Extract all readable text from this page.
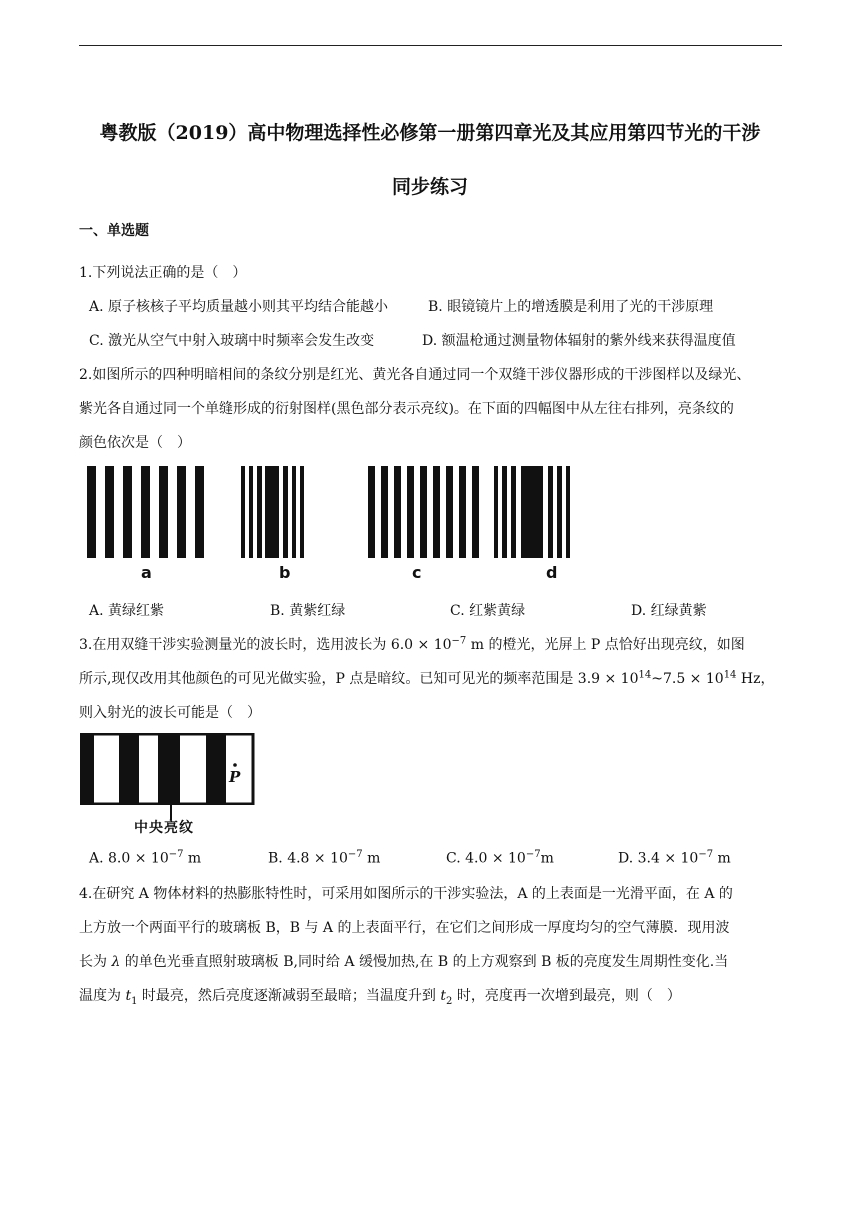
粤教版（2019）高中物理选择性必修第一册第四章光及其应用第四节光的干涉
同步练习
一、单选题
1.下列说法正确的是（　）
A. 原子核核子平均质量越小则其平均结合能越小	B. 眼镜镜片上的增透膜是利用了光的干涉原理
C. 激光从空气中射入玻璃中时频率会发生改变	D. 额温枪通过测量物体辐射的紫外线来获得温度值
2.如图所示的四种明暗相间的条纹分别是红光、黄光各自通过同一个双缝干涉仪器形成的干涉图样以及绿光、
紫光各自通过同一个单缝形成的衍射图样(黑色部分表示亮纹)。在下面的四幅图中从左往右排列，亮条纹的
颜色依次是（　）
a	b	c	d
A. 黄绿红紫	B. 黄紫红绿	C. 红紫黄绿	D. 红绿黄紫
3.在用双缝干涉实验测量光的波长时，选用波长为 $6.0 \times 10^{-7}$ m 的橙光，光屏上 P 点恰好出现亮纹，如图
所示,现仅改用其他颜色的可见光做实验，P 点是暗纹。已知可见光的频率范围是 $3.9 \times 10^{14}\sim 7.5 \times 10^{14}$ Hz，
则入射光的波长可能是（　）
P
中央亮纹
A. $8.0 \times 10^{-7}$ m	B. $4.8 \times 10^{-7}$ m	C. $4.0 \times 10^{-7}m$	D. $3.4 \times 10^{-7}$ m
4.在研究 A 物体材料的热膨胀特性时，可采用如图所示的干涉实验法，A 的上表面是一光滑平面，在 A 的
上方放一个两面平行的玻璃板 B，B 与 A 的上表面平行，在它们之间形成一厚度均匀的空气薄膜．现用波
长为 λ 的单色光垂直照射玻璃板 B,同时给 A 缓慢加热,在 B 的上方观察到 B 板的亮度发生周期性变化.当
温度为 $t_1$ 时最亮，然后亮度逐渐减弱至最暗；当温度升到 $t_2$ 时，亮度再一次增到最亮，则（　）
